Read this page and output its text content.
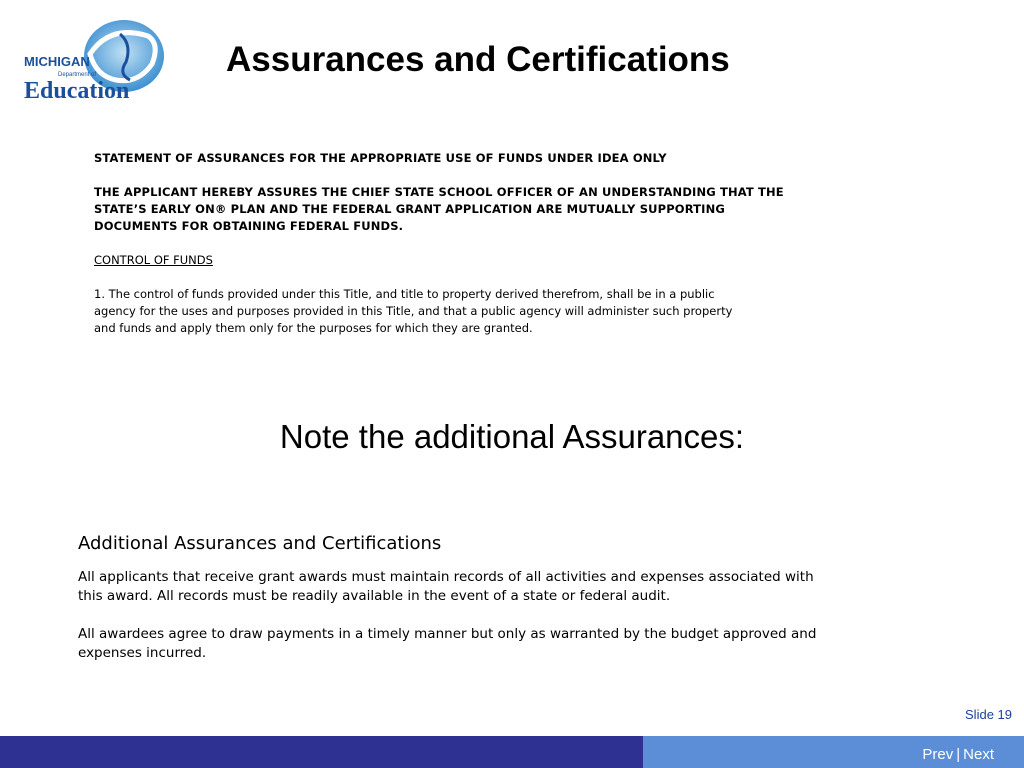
MICHIGAN
Department of
Education
Assurances and Certifications

STATEMENT OF ASSURANCES FOR THE APPROPRIATE USE OF FUNDS UNDER IDEA ONLY

THE APPLICANT HEREBY ASSURES THE CHIEF STATE SCHOOL OFFICER OF AN UNDERSTANDING THAT THE

STATE’S EARLY ON® PLAN AND THE FEDERAL GRANT APPLICATION ARE MUTUALLY SUPPORTING

DOCUMENTS FOR OBTAINING FEDERAL FUNDS.

CONTROL OF FUNDS

1. The control of funds provided under this Title, and title to property derived therefrom, shall be in a public

agency for the uses and purposes provided in this Title, and that a public agency will administer such property

and funds and apply them only for the purposes for which they are granted.

Note the additional Assurances:

Additional Assurances and Certifications

All applicants that receive grant awards must maintain records of all activities and expenses associated with

this award. All records must be readily available in the event of a state or federal audit.

All awardees agree to draw payments in a timely manner but only as warranted by the budget approved and

expenses incurred.

Slide 19
Prev | Next
